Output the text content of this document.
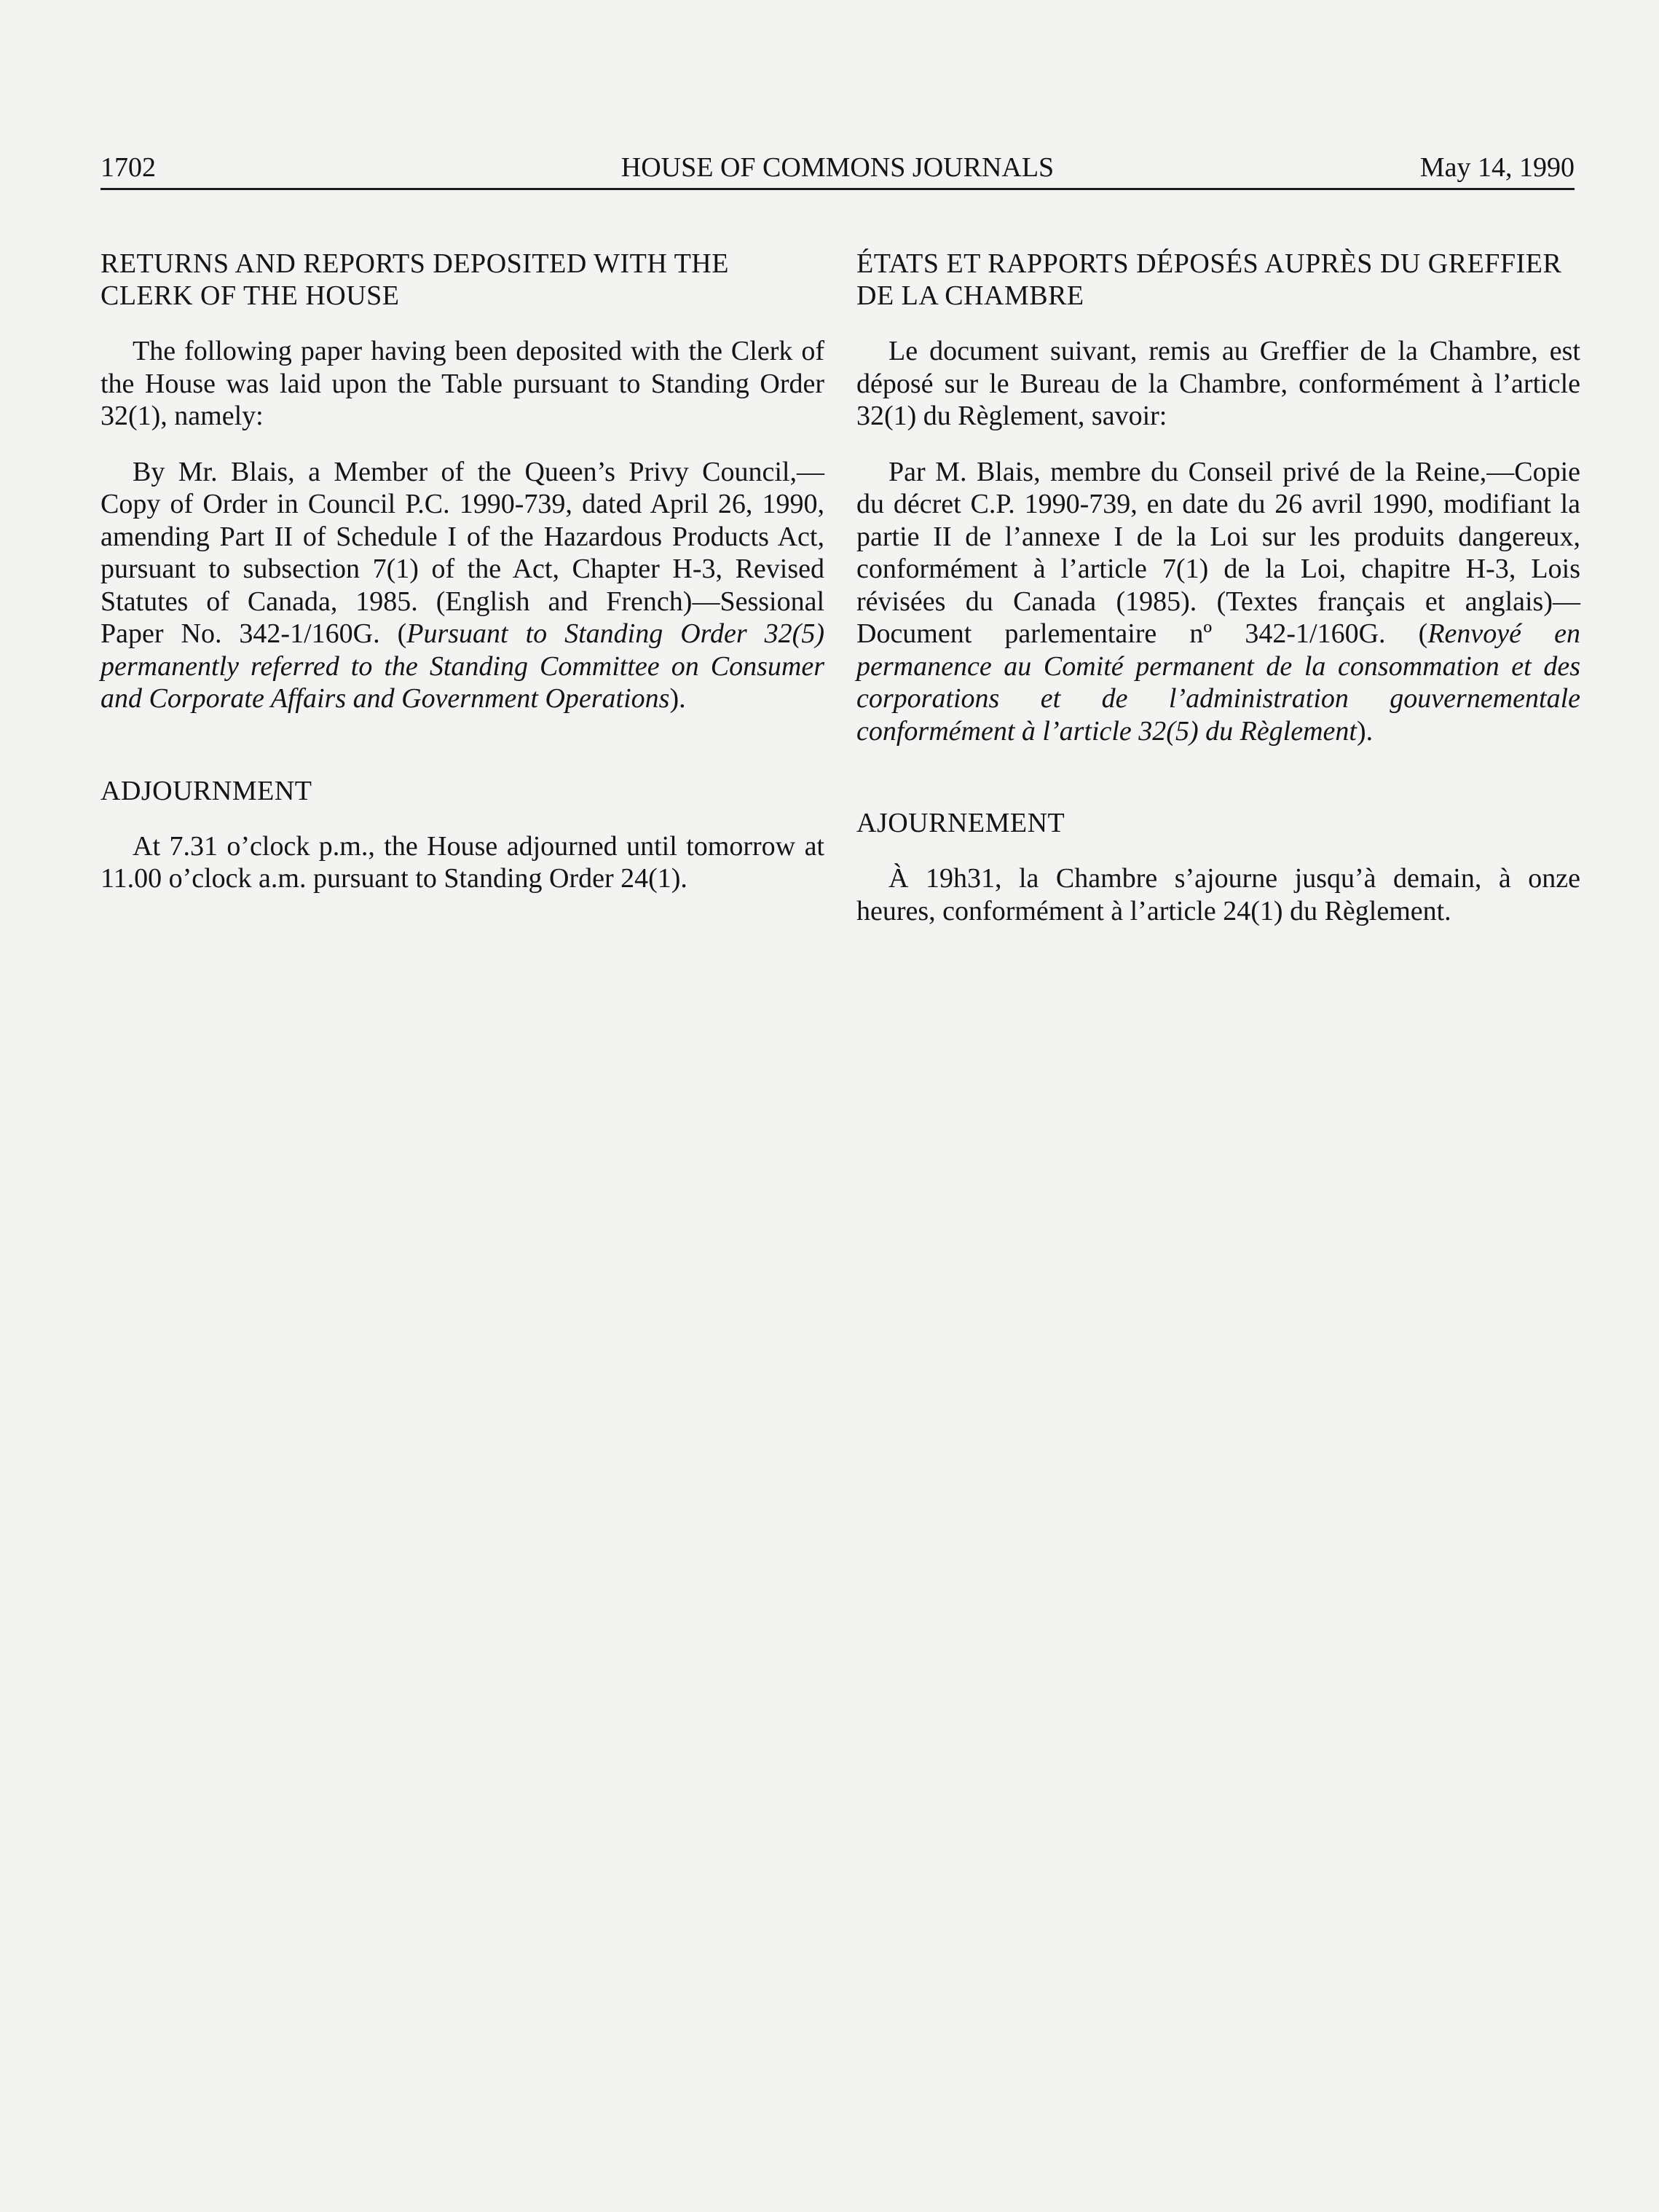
1702	HOUSE OF COMMONS JOURNALS	May 14, 1990
RETURNS AND REPORTS DEPOSITED WITH THE CLERK OF THE HOUSE

The following paper having been deposited with the Clerk of the House was laid upon the Table pursuant to Standing Order 32(1), namely:

By Mr. Blais, a Member of the Queen’s Privy Council,—Copy of Order in Council P.C. 1990-739, dated April 26, 1990, amending Part II of Schedule I of the Hazardous Products Act, pursuant to subsection 7(1) of the Act, Chapter H-3, Revised Statutes of Canada, 1985. (English and French)—Sessional Paper No. 342-1/160G. (Pursuant to Standing Order 32(5) permanently referred to the Standing Committee on Consumer and Corporate Affairs and Government Operations).

ADJOURNMENT

At 7.31 o’clock p.m., the House adjourned until tomorrow at 11.00 o’clock a.m. pursuant to Standing Order 24(1).

ÉTATS ET RAPPORTS DÉPOSÉS AUPRÈS DU GREFFIER DE LA CHAMBRE

Le document suivant, remis au Greffier de la Chambre, est déposé sur le Bureau de la Chambre, conformément à l’article 32(1) du Règlement, savoir:

Par M. Blais, membre du Conseil privé de la Reine,—Copie du décret C.P. 1990-739, en date du 26 avril 1990, modifiant la partie II de l’annexe I de la Loi sur les produits dangereux, conformément à l’article 7(1) de la Loi, chapitre H-3, Lois révisées du Canada (1985). (Textes français et anglais)—Document parlementaire nº 342-1/160G. (Renvoyé en permanence au Comité permanent de la consommation et des corporations et de l’administration gouvernementale conformément à l’article 32(5) du Règlement).

AJOURNEMENT

À 19h31, la Chambre s’ajourne jusqu’à demain, à onze heures, conformément à l’article 24(1) du Règlement.
